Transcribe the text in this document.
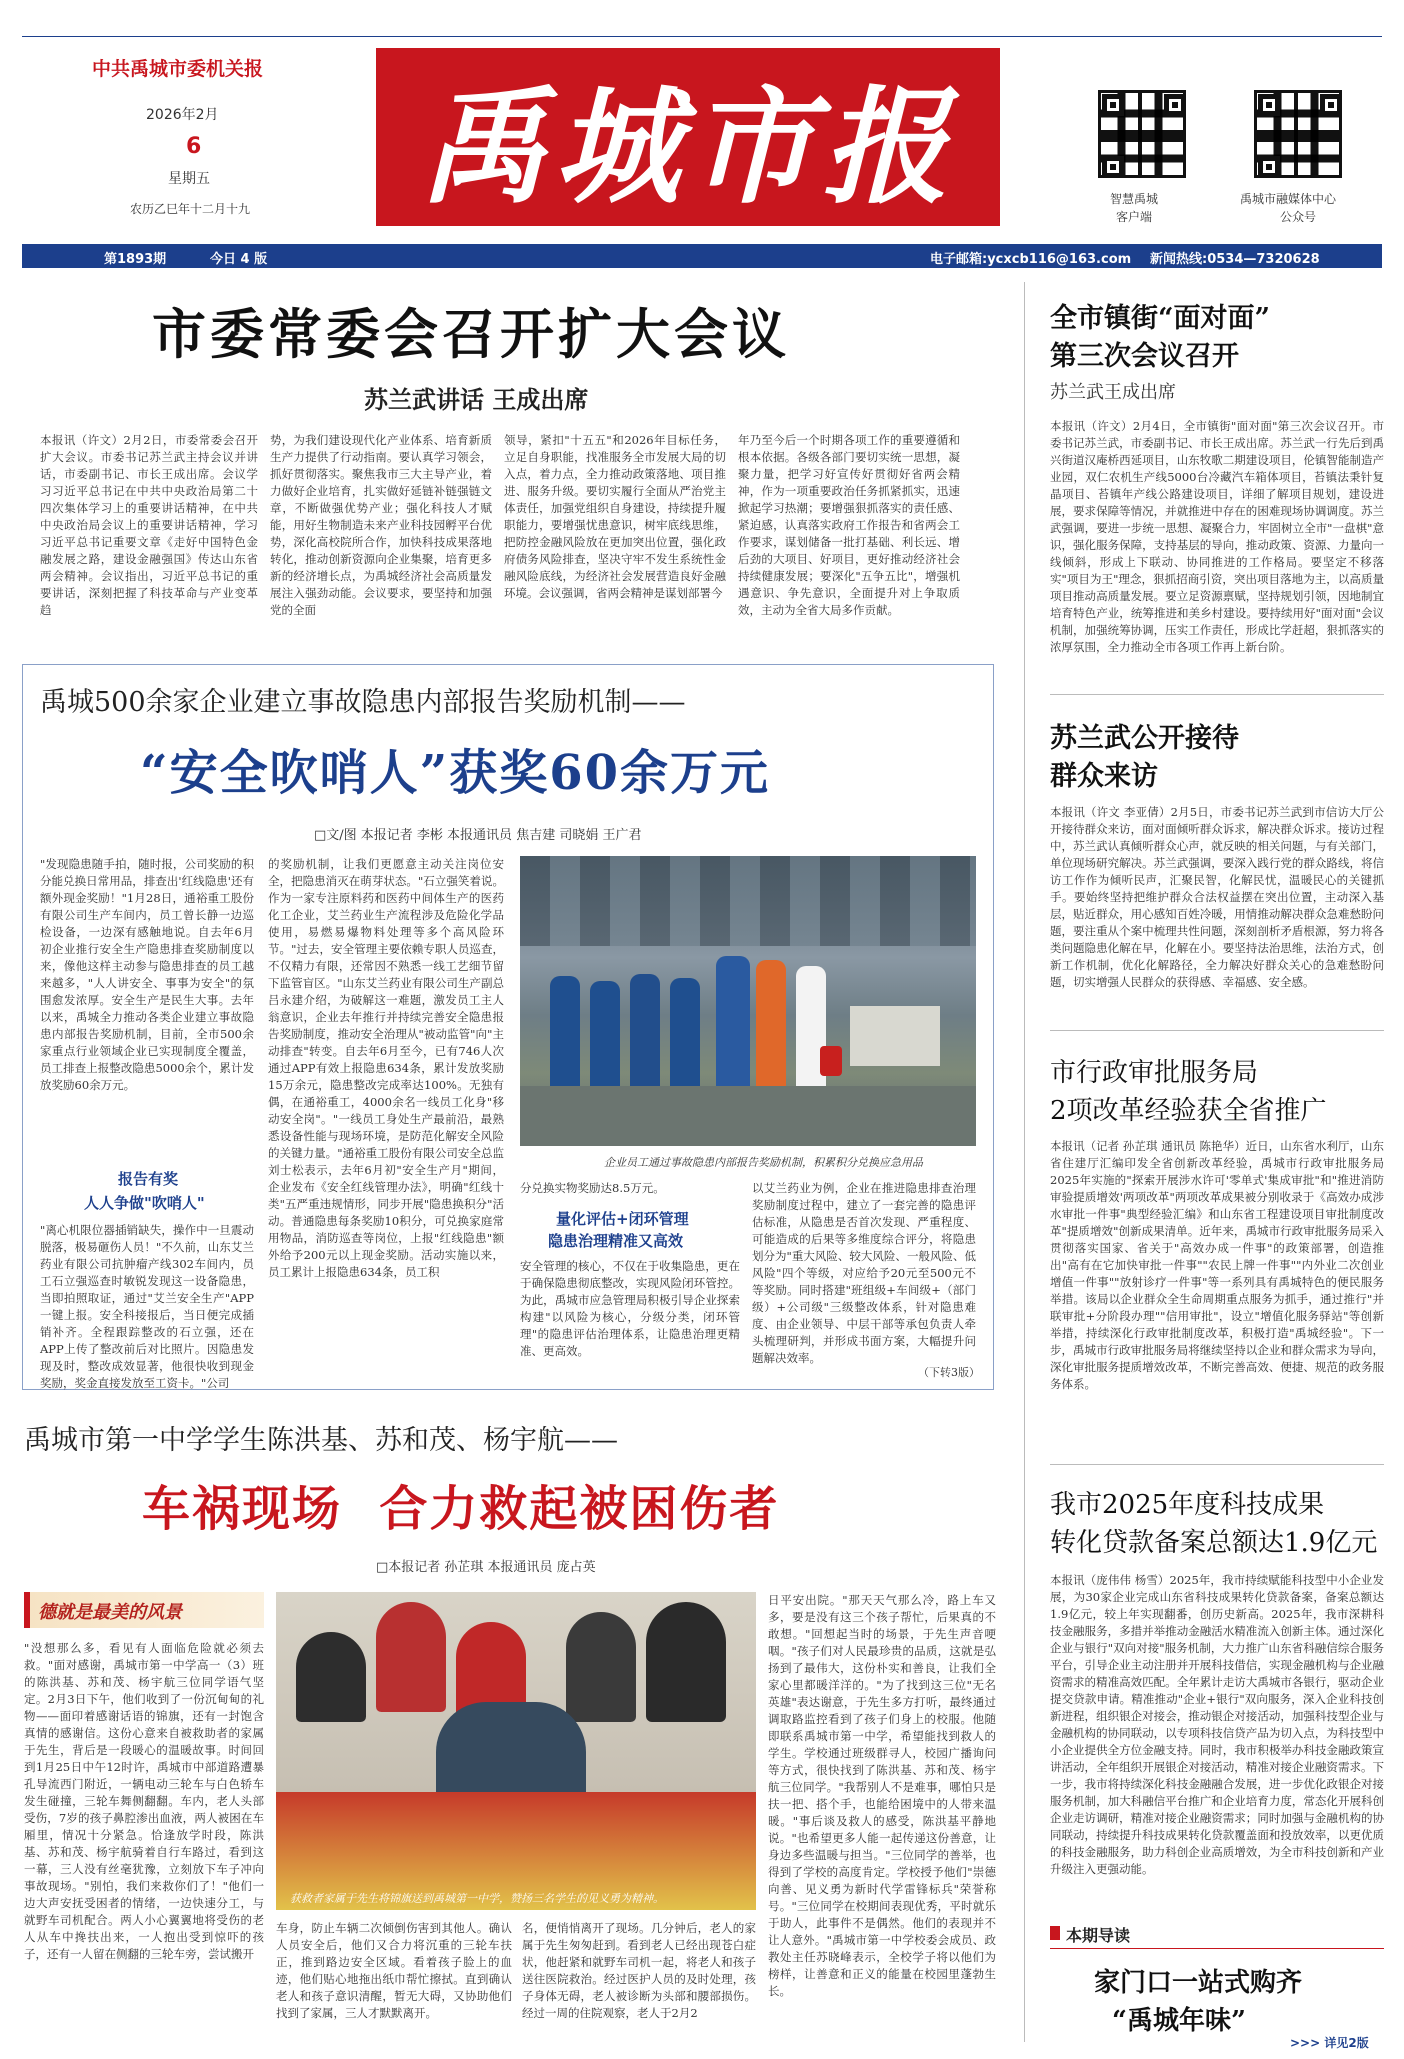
中共禹城市委机关报
2026年2月
6
星期五
农历乙巳年十二月十九 禹城市报	智慧禹城
客户端
禹城市融媒体中心
公众号
第1893期	今日 4 版	电子邮箱:ycxcb116@163.com 新闻热线:0534—7320628
市委常委会召开扩大会议
苏兰武讲话 王成出席
本报讯（许文）2月2日，市委常委会召开扩大会议。市委书记苏兰武主持会议并讲话，市委副书记、市长王成出席。会议学习习近平总书记在中共中央政治局第二十四次集体学习上的重要讲话精神，在中共中央政治局会议上的重要讲话精神，学习习近平总书记重要文章《走好中国特色金融发展之路，建设金融强国》传达山东省两会精神。会议指出，习近平总书记的重要讲话，深刻把握了科技革命与产业变革趋
势，为我们建设现代化产业体系、培育新质生产力提供了行动指南。要认真学习领会，抓好贯彻落实。聚焦我市三大主导产业，着力做好企业培育，扎实做好延链补链强链文章，不断做强优势产业；强化科技人才赋能，用好生物制造未来产业科技园孵平台优势，深化高校院所合作，加快科技成果落地转化，推动创新资源向企业集聚，培育更多新的经济增长点，为禹城经济社会高质量发展注入强劲动能。会议要求，要坚持和加强党的全面
领导，紧扣"十五五"和2026年目标任务，立足自身职能，找准服务全市发展大局的切入点，着力点，全力推动政策落地、项目推进、服务升级。要切实履行全面从严治党主体责任，加强党组织自身建设，持续提升履职能力，要增强忧患意识，树牢底线思维，把防控金融风险放在更加突出位置，强化政府债务风险排查，坚决守牢不发生系统性金融风险底线，为经济社会发展营造良好金融环境。会议强调，省两会精神是谋划部署今
年乃至今后一个时期各项工作的重要遵循和根本依据。各级各部门要切实统一思想，凝聚力量，把学习好宣传好贯彻好省两会精神，作为一项重要政治任务抓紧抓实，迅速掀起学习热潮；要增强狠抓落实的责任感、紧迫感，认真落实政府工作报告和省两会工作要求，谋划储备一批打基础、利长远、增后劲的大项目、好项目，更好推动经济社会持续健康发展；要深化"五争五比"，增强机遇意识、争先意识，全面提升对上争取质效，主动为全省大局多作贡献。
禹城500余家企业建立事故隐患内部报告奖励机制——
“安全吹哨人”获奖60余万元
□文/图 本报记者 李彬 本报通讯员 焦吉建 司晓娟 王广君
"发现隐患随手拍，随时报，公司奖励的积分能兑换日常用品，排查出'红线隐患'还有额外现金奖励！"1月28日，通裕重工股份有限公司生产车间内，员工曾长静一边巡检设备，一边深有感触地说。自去年6月初企业推行安全生产隐患排查奖励制度以来，像他这样主动参与隐患排查的员工越来越多，"人人讲安全、事事为安全"的氛围愈发浓厚。安全生产是民生大事。去年以来，禹城全力推动各类企业建立事故隐患内部报告奖励机制，目前，全市500余家重点行业领域企业已实现制度全覆盖，员工排查上报整改隐患5000余个，累计发放奖励60余万元。
报告有奖
人人争做"吹哨人"
"离心机限位器插销缺失，操作中一旦震动脱落，极易砸伤人员！"不久前，山东艾兰药业有限公司抗肿瘤产线302车间内，员工石立强巡查时敏锐发现这一设备隐患，当即拍照取证，通过"艾兰安全生产"APP一键上报。安全科接报后，当日便完成插销补齐。全程跟踪整改的石立强，还在APP上传了整改前后对比照片。因隐患发现及时，整改成效显著，他很快收到现金奖励，奖金直接发放至工资卡。"公司
的奖励机制，让我们更愿意主动关注岗位安全，把隐患消灭在萌芽状态。"石立强笑着说。作为一家专注原料药和医药中间体生产的医药化工企业，艾兰药业生产流程涉及危险化学品使用，易燃易爆物料处理等多个高风险环节。"过去，安全管理主要依赖专职人员巡查，不仅精力有限，还常因不熟悉一线工艺细节留下监管盲区。"山东艾兰药业有限公司生产副总吕永建介绍，为破解这一难题，激发员工主人翁意识，企业去年推行并持续完善安全隐患报告奖励制度，推动安全治理从"被动监管"向"主动排查"转变。自去年6月至今，已有746人次通过APP有效上报隐患634条，累计发放奖励15万余元，隐患整改完成率达100%。无独有偶，在通裕重工，4000余名一线员工化身"移动安全岗"。"一线员工身处生产最前沿，最熟悉设备性能与现场环境，是防范化解安全风险的关键力量。"通裕重工股份有限公司安全总监刘士松表示，去年6月初"安全生产月"期间，企业发布《安全红线管理办法》，明确"红线十类"五严重违规情形，同步开展"隐患换积分"活动。普通隐患每条奖励10积分，可兑换家庭常用物品，消防巡查等岗位，上报"红线隐患"额外给予200元以上现金奖励。活动实施以来，员工累计上报隐患634条，员工积
企业员工通过事故隐患内部报告奖励机制，积累积分兑换应急用品
分兑换实物奖励达8.5万元。
量化评估+闭环管理
隐患治理精准又高效
安全管理的核心，不仅在于收集隐患，更在于确保隐患彻底整改，实现风险闭环管控。为此，禹城市应急管理局积极引导企业探索构建"以风险为核心，分级分类，闭环管理"的隐患评估治理体系，让隐患治理更精准、更高效。
以艾兰药业为例，企业在推进隐患排查治理奖励制度过程中，建立了一套完善的隐患评估标准，从隐患是否首次发现、严重程度、可能造成的后果等多维度综合评分，将隐患划分为"重大风险、较大风险、一般风险、低风险"四个等级，对应给予20元至500元不等奖励。同时搭建"班组级+车间级+（部门级）+公司级"三级整改体系，针对隐患难度、由企业领导、中层干部等承包负责人牵头梳理研判，并形成书面方案，大幅提升问题解决效率。
（下转3版）
禹城市第一中学学生陈洪基、苏和茂、杨宇航——
车祸现场  合力救起被困伤者
□本报记者 孙芷琪 本报通讯员 庞占英
德就是最美的风景
"没想那么多，看见有人面临危险就必须去救。"面对感谢，禹城市第一中学高一（3）班的陈洪基、苏和茂、杨宇航三位同学语气坚定。2月3日下午，他们收到了一份沉甸甸的礼物——面印着感谢话语的锦旗，还有一封饱含真情的感谢信。这份心意来自被救助者的家属于先生，背后是一段暖心的温暖故事。时间回到1月25日中午12时许，禹城市中部道路遭暴孔导流西门附近，一辆电动三轮车与白色轿车发生碰撞，三轮车舞侧翻翻。车内，老人头部受伤，7岁的孩子鼻腔渗出血液，两人被困在车厢里，情况十分紧急。恰逢放学时段，陈洪基、苏和茂、杨宇航骑着自行车路过，看到这一幕，三人没有丝毫犹豫，立刻放下车子冲向事故现场。"别怕，我们来救你们了！"他们一边大声安抚受困者的情绪，一边快速分工，与就野车司机配合。两人小心翼翼地将受伤的老人从车中搀扶出来，一人抱出受到惊吓的孩子，还有一人留在侧翻的三轮车旁，尝试搬开
获救者家属于先生将锦旗送到禹城第一中学，赞扬三名学生的见义勇为精神。
车身，防止车辆二次倾倒伤害到其他人。确认人员安全后，他们又合力将沉重的三轮车扶正，推到路边安全区域。看着孩子脸上的血迹，他们贴心地拖出纸巾帮忙擦拭。直到确认老人和孩子意识清醒，暂无大碍，又协助他们找到了家属，三人才默默离开。
名，便悄悄离开了现场。几分钟后，老人的家属于先生匆匆赶到。看到老人已经出现苍白症状，他赶紧和就野车司机一起，将老人和孩子送往医院救治。经过医护人员的及时处理，孩子身体无碍，老人被诊断为头部和腰部损伤。经过一周的住院观察，老人于2月2
日平安出院。"那天天气那么冷，路上车又多，要是没有这三个孩子帮忙，后果真的不敢想。"回想起当时的场景，于先生声音哽咽。"孩子们对人民最珍贵的品质，这就是弘扬到了最伟大，这份朴实和善良，让我们全家心里都暖洋洋的。"为了找到这三位"无名英雄"表达谢意，于先生多方打听，最终通过调取路监控看到了孩子们身上的校服。他随即联系禹城市第一中学，希望能找到救人的学生。学校通过班级群寻人，校园广播询问等方式，很快找到了陈洪基、苏和茂、杨宇航三位同学。"我帮别人不是难事，哪怕只是扶一把、搭个手，也能给困境中的人带来温暖。"事后谈及救人的感受，陈洪基平静地说。"也希望更多人能一起传递这份善意，让身边多些温暖与担当。"三位同学的善举，也得到了学校的高度肯定。学校授予他们"崇德向善、见义勇为新时代学雷锋标兵"荣誉称号。"三位同学在校期间表现优秀，平时就乐于助人，此事件不是偶然。他们的表现并不让人意外。"禹城市第一中学校委会成员、政教处主任苏晓峰表示，全校学子将以他们为榜样，让善意和正义的能量在校园里蓬勃生长。
全市镇街“面对面”
第三次会议召开
苏兰武王成出席
本报讯（许文）2月4日，全市镇街"面对面"第三次会议召开。市委书记苏兰武，市委副书记、市长王成出席。苏兰武一行先后到禹兴街道汉庵桥西延项目，山东牧歌二期建设项目，伦镇智能制造产业园，双仁农机生产线5000台冷藏汽车箱体项目，苔镇法秉针复晶项目、苔镇年产线公路建设项目，详细了解项目规划，建设进展，要求保障等情况，并就推进中存在的困难现场协调调度。苏兰武强调，要进一步统一思想、凝聚合力，牢固树立全市"一盘棋"意识，强化服务保障，支持基层的导向，推动政策、资源、力量向一线倾斜，形成上下联动、协同推进的工作格局。要坚定不移落实"项目为王"理念，狠抓招商引资，突出项目落地为主，以高质量项目推动高质量发展。要立足资源禀赋，坚持规划引领，因地制宜培育特色产业，统筹推进和美乡村建设。要持续用好"面对面"会议机制，加强统筹协调，压实工作责任，形成比学赶超，狠抓落实的浓厚氛围，全力推动全市各项工作再上新台阶。
苏兰武公开接待
群众来访
本报讯（许文 李亚倩）2月5日，市委书记苏兰武到市信访大厅公开接待群众来访，面对面倾听群众诉求，解决群众诉求。接访过程中，苏兰武认真倾听群众心声，就反映的相关问题，与有关部门，单位现场研究解决。苏兰武强调，要深入践行党的群众路线，将信访工作作为倾听民声，汇聚民智，化解民忧，温暖民心的关键抓手。要始终坚持把维护群众合法权益摆在突出位置，主动深入基层，贴近群众，用心感知百姓冷暖，用情推动解决群众急难愁盼问题，要注重从个案中梳理共性问题，深刻剖析矛盾根源，努力将各类问题隐患化解在早，化解在小。要坚持法治思维，法治方式，创新工作机制，优化化解路径，全力解决好群众关心的急难愁盼问题，切实增强人民群众的获得感、幸福感、安全感。
市行政审批服务局
2项改革经验获全省推广
本报讯（记者 孙芷琪 通讯员 陈艳华）近日，山东省水利厅，山东省住建厅汇编印发全省创新改革经验，禹城市行政审批服务局2025年实施的"探索开展涉水许可'零单式'集成审批"和"推进消防审验提质增效'两项改革"两项改革成果被分别收录于《高效办成涉水审批一件事"典型经验汇编》和山东省工程建设项目审批制度改革"提质增效"创新成果清单。近年来，禹城市行政审批服务局采入贯彻落实国家、省关于"高效办成一件事"的政策部署，创造推出"高有在它加快审批一件事""农民上牌一件事""内外业二次创业增值一件事""放射诊疗一件事"等一系列具有禹城特色的便民服务举措。该局以企业群众全生命周期重点服务为抓手，通过推行"并联审批+分阶段办理""信用审批"，设立"增值化服务驿站"等创新举措，持续深化行政审批制度改革，积极打造"禹城经验"。下一步，禹城市行政审批服务局将继续坚持以企业和群众需求为导向，深化审批服务提质增效改革，不断完善高效、便捷、规范的政务服务体系。
我市2025年度科技成果
转化贷款备案总额达1.9亿元
本报讯（庞伟伟 杨雪）2025年，我市持续赋能科技型中小企业发展，为30家企业完成山东省科技成果转化贷款备案，备案总额达1.9亿元，较上年实现翻番，创历史新高。2025年，我市深耕科技金融服务，多措并举推动金融活水精准流入创新主体。通过深化企业与银行"双向对接"服务机制，大力推广山东省科融信综合服务平台，引导企业主动注册并开展科技借信，实现金融机构与企业融资需求的精准高效匹配。全年累计走访大禹城市各银行，驱动企业提交贷款申请。精准推动"企业+银行"双向服务，深入企业科技创新进程，组织银企对接会，推动银企对接活动，加强科技型企业与金融机构的协同联动，以专项科技信贷产品为切入点，为科技型中小企业提供全方位金融支持。同时，我市积极举办科技金融政策宣讲活动，全年组织开展银企对接活动，精准对接企业融资需求。下一步，我市将持续深化科技金融融合发展，进一步优化政银企对接服务机制，加大科融信平台推广和企业培育力度，常态化开展科创企业走访调研，精准对接企业融资需求；同时加强与金融机构的协同联动，持续提升科技成果转化贷款覆盖面和投放效率，以更优质的科技金融服务，助力科创企业高质增效，为全市科技创新和产业升级注入更强动能。
本期导读
家门口一站式购齐
“禹城年味”
>>> 详见2版
